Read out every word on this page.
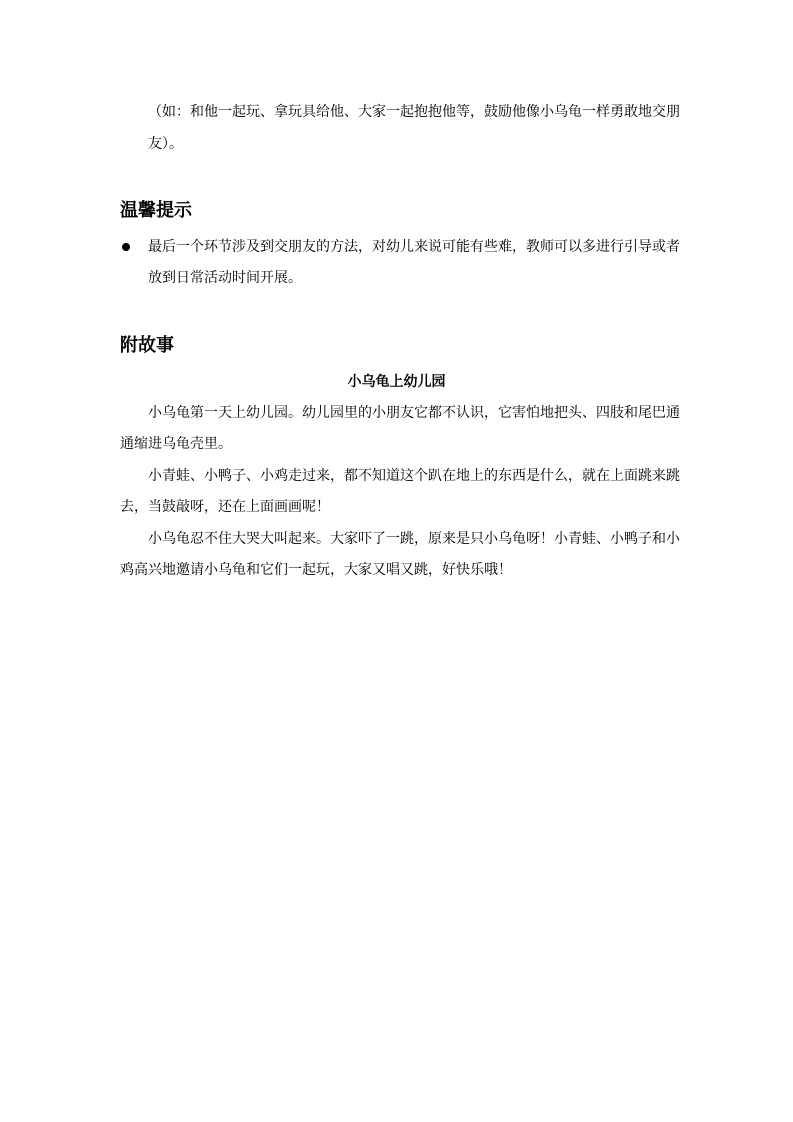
（如：和他一起玩、拿玩具给他、大家一起抱抱他等，鼓励他像小乌龟一样勇敢地交朋
友）。
温馨提示
最后一个环节涉及到交朋友的方法，对幼儿来说可能有些难，教师可以多进行引导或者
放到日常活动时间开展。
附故事
小乌龟上幼儿园
小乌龟第一天上幼儿园。幼儿园里的小朋友它都不认识，它害怕地把头、四肢和尾巴通
通缩进乌龟壳里。
小青蛙、小鸭子、小鸡走过来，都不知道这个趴在地上的东西是什么，就在上面跳来跳
去，当鼓敲呀，还在上面画画呢！
小乌龟忍不住大哭大叫起来。大家吓了一跳，原来是只小乌龟呀！小青蛙、小鸭子和小
鸡高兴地邀请小乌龟和它们一起玩，大家又唱又跳，好快乐哦！
